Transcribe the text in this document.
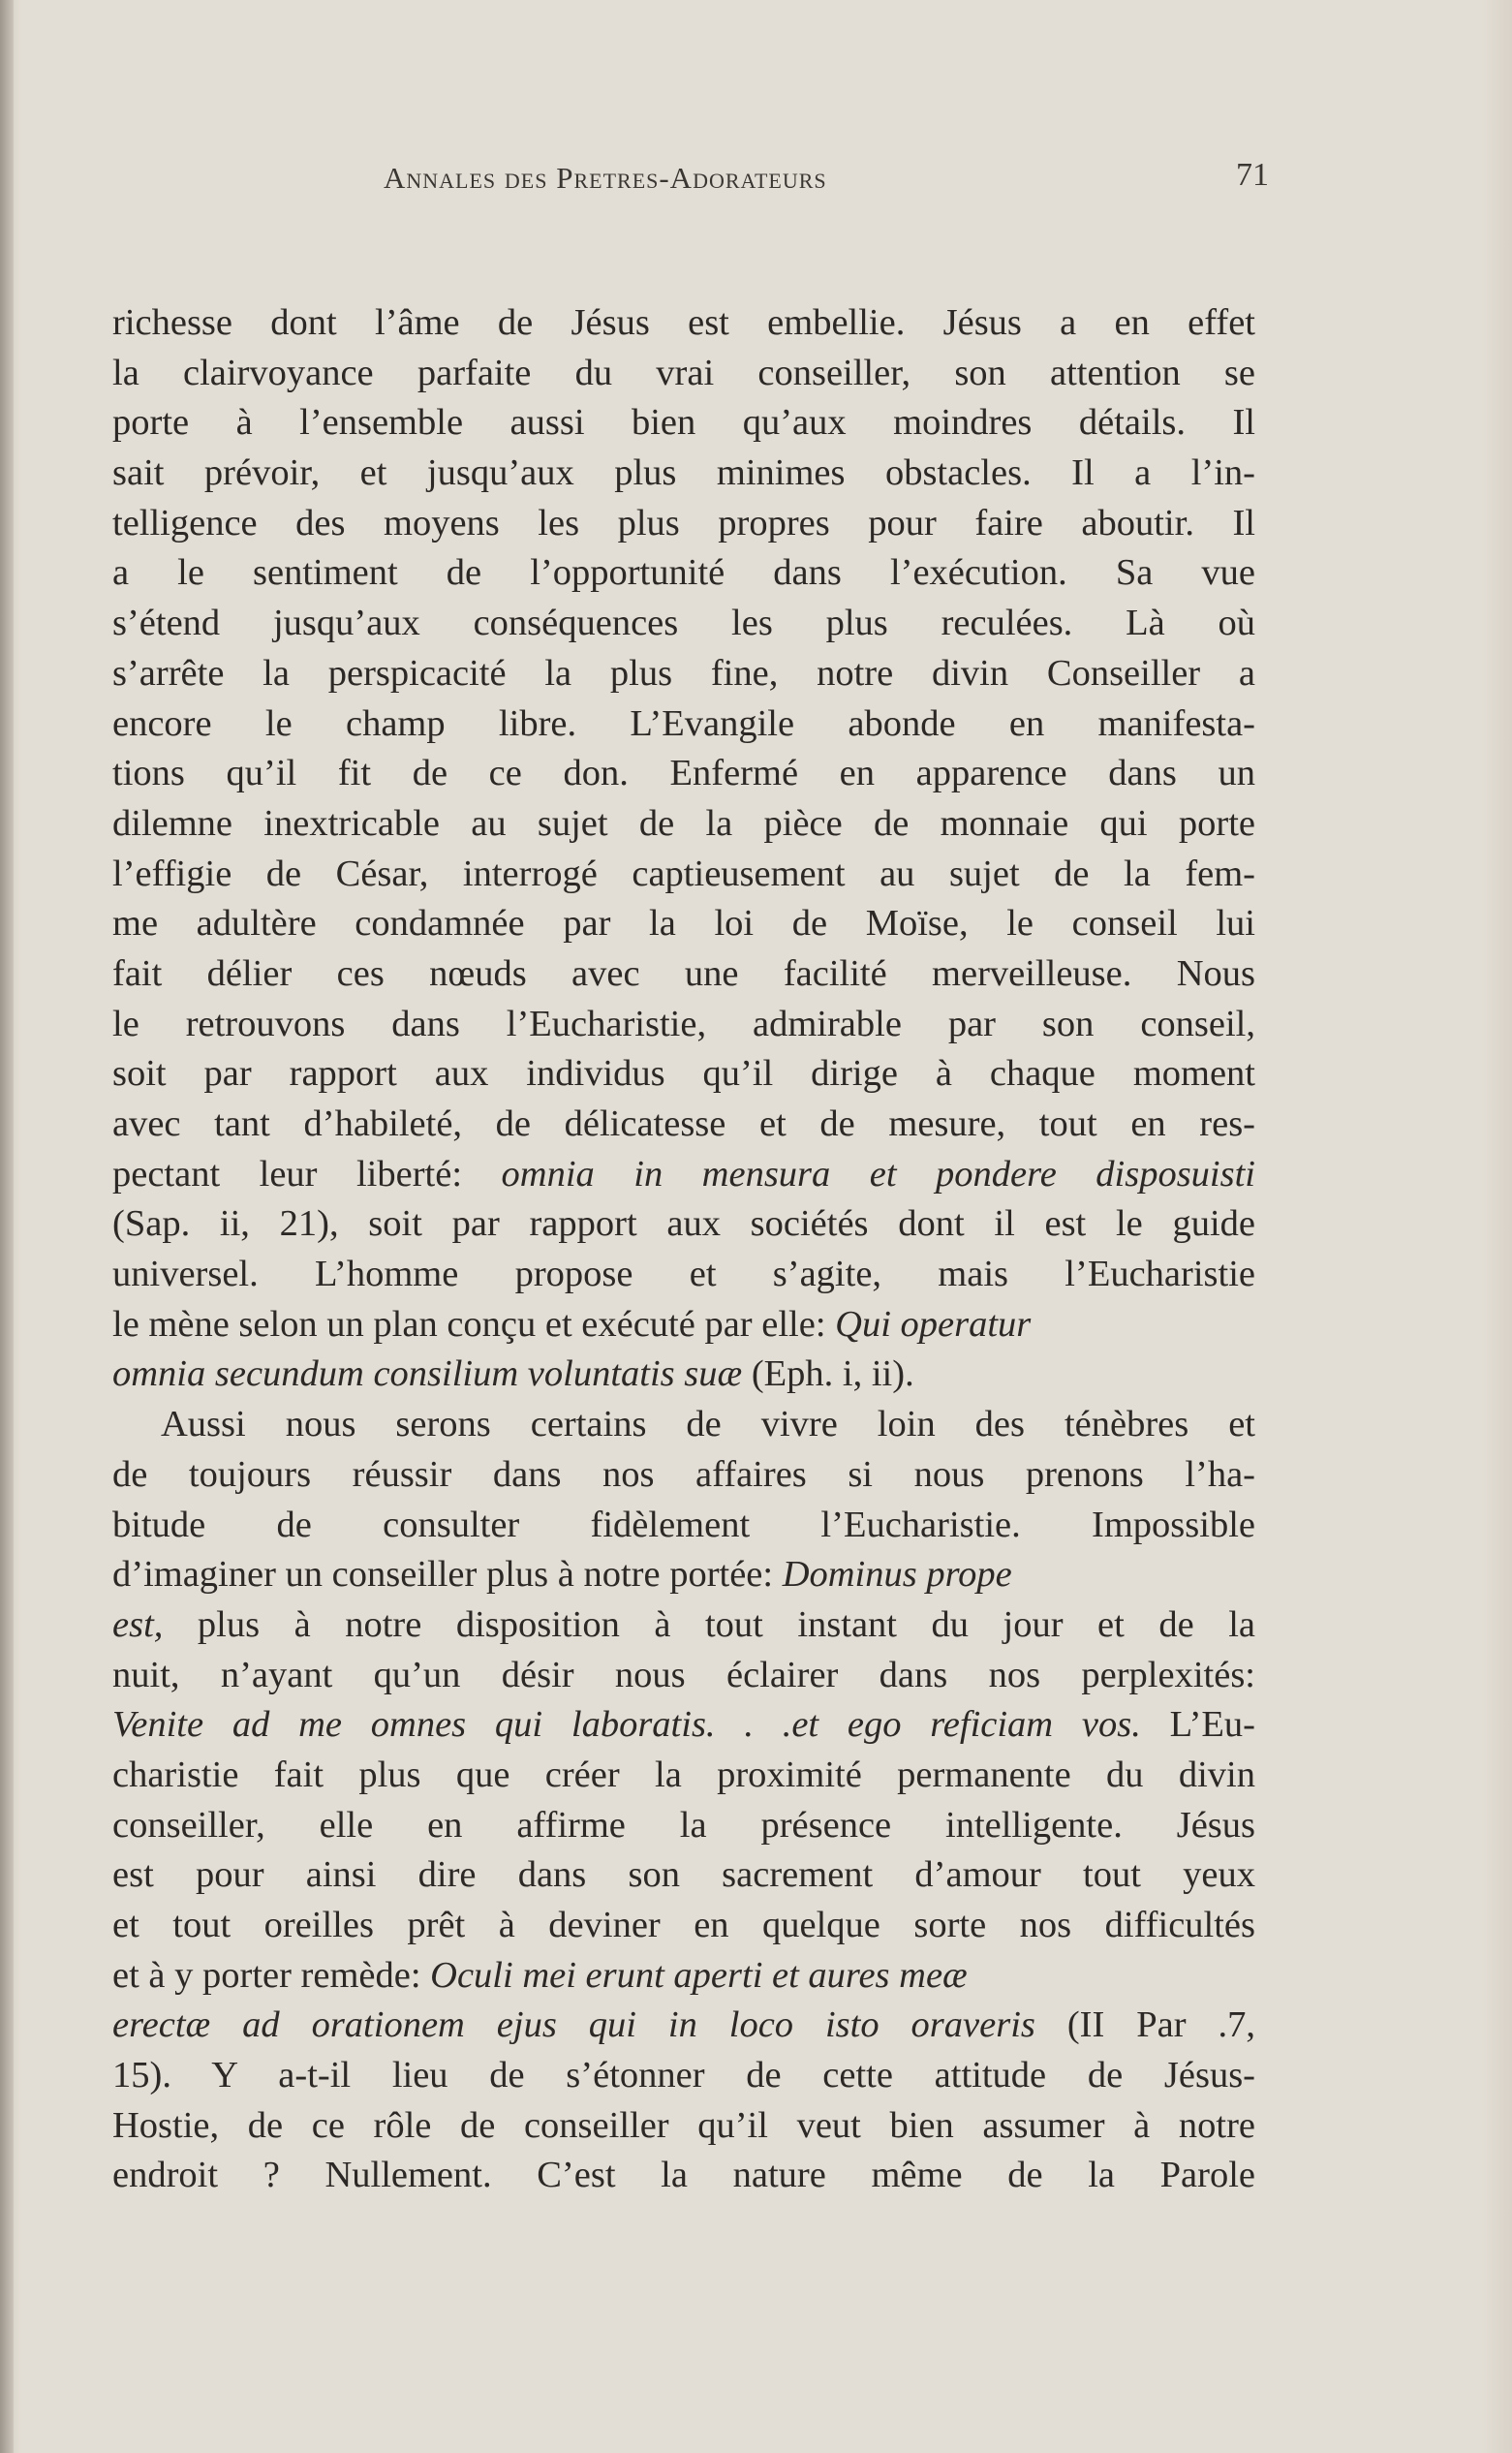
Annales des Pretres-Adorateurs	71
richesse dont l’âme de Jésus est embellie. Jésus a en effet
la clairvoyance parfaite du vrai conseiller, son attention se
porte à l’ensemble aussi bien qu’aux moindres détails. Il
sait prévoir, et jusqu’aux plus minimes obstacles. Il a l’in-
telligence des moyens les plus propres pour faire aboutir. Il
a le sentiment de l’opportunité dans l’exécution. Sa vue
s’étend jusqu’aux conséquences les plus reculées. Là où
s’arrête la perspicacité la plus fine, notre divin Conseiller a
encore le champ libre. L’Evangile abonde en manifesta-
tions qu’il fit de ce don. Enfermé en apparence dans un
dilemne inextricable au sujet de la pièce de monnaie qui porte
l’effigie de César, interrogé captieusement au sujet de la fem-
me adultère condamnée par la loi de Moïse, le conseil lui
fait délier ces nœuds avec une facilité merveilleuse. Nous
le retrouvons dans l’Eucharistie, admirable par son conseil,
soit par rapport aux individus qu’il dirige à chaque moment
avec tant d’habileté, de délicatesse et de mesure, tout en res-
pectant leur liberté: omnia in mensura et pondere disposuisti
(Sap. ii, 21), soit par rapport aux sociétés dont il est le guide
universel. L’homme propose et s’agite, mais l’Eucharistie
le mène selon un plan conçu et exécuté par elle: Qui operatur
omnia secundum consilium voluntatis suæ (Eph. i, ii).
Aussi nous serons certains de vivre loin des ténèbres et
de toujours réussir dans nos affaires si nous prenons l’ha-
bitude de consulter fidèlement l’Eucharistie. Impossible
d’imaginer un conseiller plus à notre portée: Dominus prope
est, plus à notre disposition à tout instant du jour et de la
nuit, n’ayant qu’un désir nous éclairer dans nos perplexités:
Venite ad me omnes qui laboratis. . .et ego reficiam vos. L’Eu-
charistie fait plus que créer la proximité permanente du divin
conseiller, elle en affirme la présence intelligente. Jésus
est pour ainsi dire dans son sacrement d’amour tout yeux
et tout oreilles prêt à deviner en quelque sorte nos difficultés
et à y porter remède: Oculi mei erunt aperti et aures meæ
erectæ ad orationem ejus qui in loco isto oraveris (II Par .7,
15). Y a-t-il lieu de s’étonner de cette attitude de Jésus-
Hostie, de ce rôle de conseiller qu’il veut bien assumer à notre
endroit ? Nullement. C’est la nature même de la Parole
